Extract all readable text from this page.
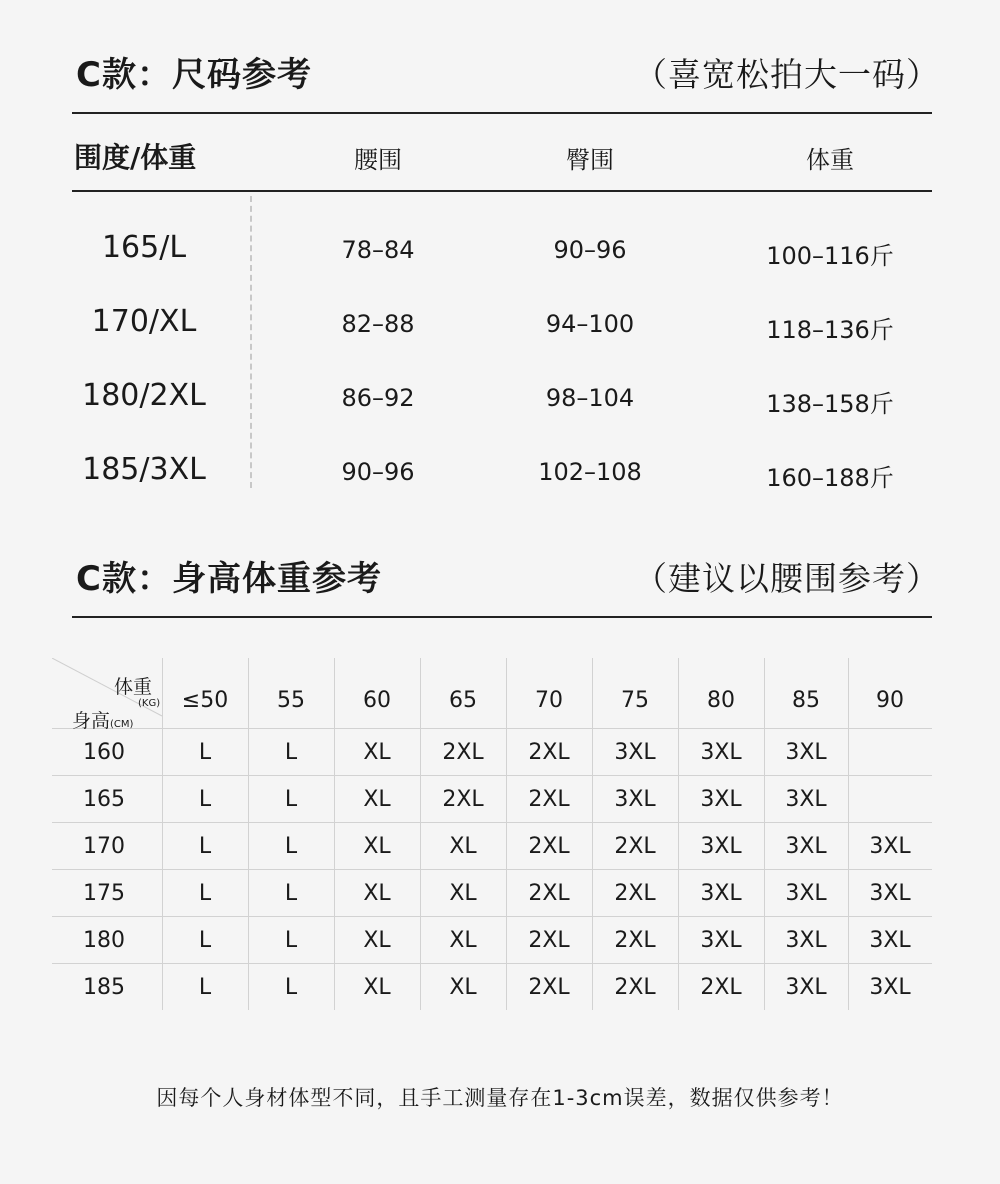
C款：尺码参考	（喜宽松拍大一码）
围度/体重	腰围	臀围	体重
165/L	78–84	90–96	100–116斤
170/XL	82–88	94–100	118–136斤
180/2XL	86–92	98–104	138–158斤
185/3XL	90–96	102–108	160–188斤
C款：身高体重参考	（建议以腰围参考）
体重
(KG)
身高(CM)
≤50	55	60	65	70	75	80	85	90
160	L	L	XL	2XL	2XL	3XL	3XL	3XL
165	L	L	XL	2XL	2XL	3XL	3XL	3XL
170	L	L	XL	XL	2XL	2XL	3XL	3XL	3XL
175	L	L	XL	XL	2XL	2XL	3XL	3XL	3XL
180	L	L	XL	XL	2XL	2XL	3XL	3XL	3XL
185	L	L	XL	XL	2XL	2XL	2XL	3XL	3XL
因每个人身材体型不同，且手工测量存在1-3cm误差，数据仅供参考！
